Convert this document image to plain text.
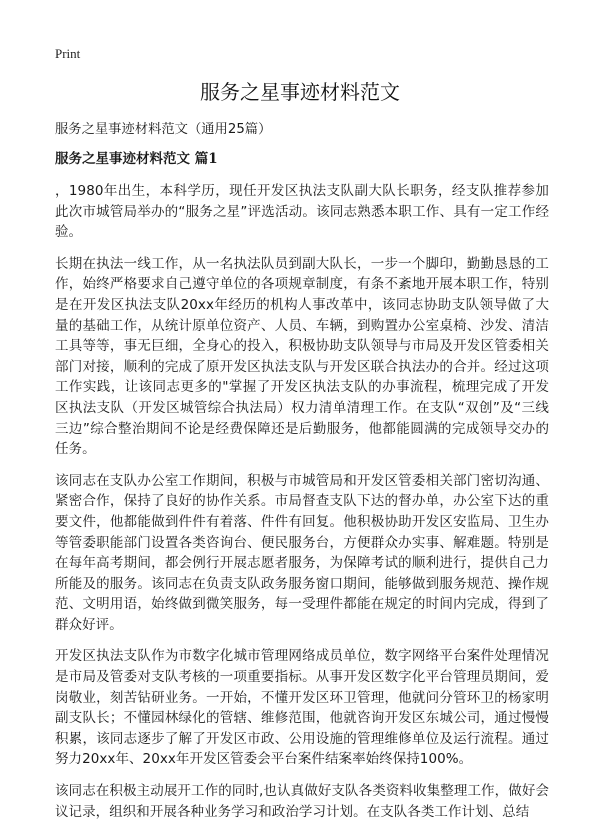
Print
服务之星事迹材料范文
服务之星事迹材料范文（通用25篇）
服务之星事迹材料范文 篇1

，1980年出生，本科学历，现任开发区执法支队副大队长职务，经支队推荐参加此次市城管局举办的“服务之星”评选活动。该同志熟悉本职工作、具有一定工作经验。

长期在执法一线工作，从一名执法队员到副大队长，一步一个脚印，勤勤恳恳的工作，始终严格要求自己遵守单位的各项规章制度，有条不紊地开展本职工作，特别是在开发区执法支队20xx年经历的机构人事改革中，该同志协助支队领导做了大量的基础工作，从统计原单位资产、人员、车辆，到购置办公室桌椅、沙发、清洁工具等等，事无巨细，全身心的投入，积极协助支队领导与市局及开发区管委相关部门对接，顺利的完成了原开发区执法支队与开发区联合执法办的合并。经过这项工作实践，让该同志更多的"掌握了开发区执法支队的办事流程，梳理完成了开发区执法支队（开发区城管综合执法局）权力清单清理工作。在支队“双创”及“三线三边”综合整治期间不论是经费保障还是后勤服务，他都能圆满的完成领导交办的任务。

该同志在支队办公室工作期间，积极与市城管局和开发区管委相关部门密切沟通、紧密合作，保持了良好的协作关系。市局督查支队下达的督办单，办公室下达的重要文件，他都能做到件件有着落、件件有回复。他积极协助开发区安监局、卫生办等管委职能部门设置各类咨询台、便民服务台，方便群众办实事、解难题。特别是在每年高考期间，都会例行开展志愿者服务，为保障考试的顺利进行，提供自己力所能及的服务。该同志在负责支队政务服务窗口期间，能够做到服务规范、操作规范、文明用语，始终做到微笑服务，每一受理件都能在规定的时间内完成，得到了群众好评。

开发区执法支队作为市数字化城市管理网络成员单位，数字网络平台案件处理情况是市局及管委对支队考核的一项重要指标。从事开发区数字化平台管理员期间，爱岗敬业，刻苦钻研业务。一开始，不懂开发区环卫管理，他就问分管环卫的杨家明副支队长；不懂园林绿化的管辖、维修范围，他就咨询开发区东城公司，通过慢慢积累，该同志逐步了解了开发区市政、公用设施的管理维修单位及运行流程。通过努力20xx年、20xx年开发区管委会平台案件结案率始终保持100%。

该同志在积极主动展开工作的同时,也认真做好支队各类资料收集整理工作，做好会议记录，组织和开展各种业务学习和政治学习计划。在支队各类工作计划、总结
